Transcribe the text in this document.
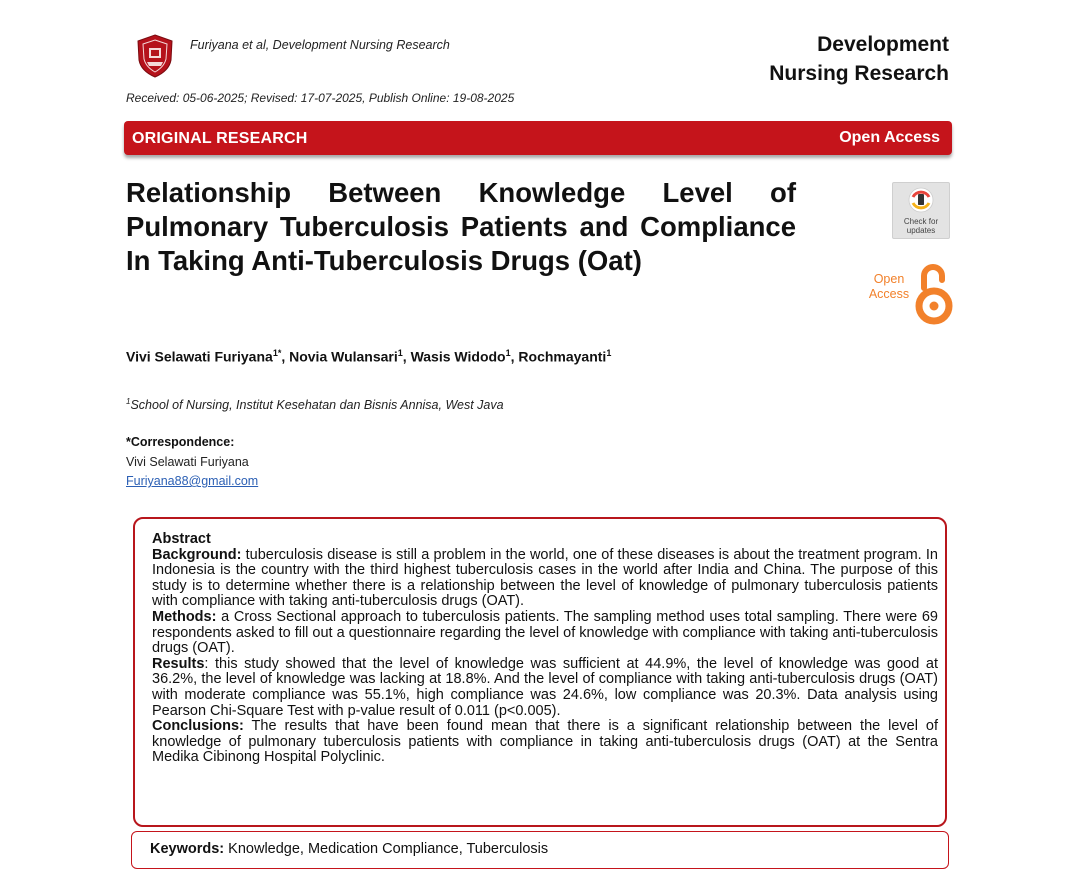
Furiyana et al, Development Nursing Research	Development
Nursing Research
Received: 05-06-2025; Revised: 17-07-2025, Publish Online: 19-08-2025
ORIGINAL RESEARCH	Open Access
Relationship Between Knowledge Level of Pulmonary Tuberculosis Patients and Compliance In Taking Anti-Tuberculosis Drugs (Oat)
Check for
updates
Open
Access
Vivi Selawati Furiyana$^{1*}$, Novia Wulansari$^1$, Wasis Widodo$^1$, Rochmayanti$^1$
$^1$School of Nursing, Institut Kesehatan dan Bisnis Annisa, West Java
*Correspondence:
Vivi Selawati Furiyana
Furiyana88@gmail.com

Abstract

Background: tuberculosis disease is still a problem in the world, one of these diseases is about the treatment program. In Indonesia is the country with the third highest tuberculosis cases in the world after India and China. The purpose of this study is to determine whether there is a relationship between the level of knowledge of pulmonary tuberculosis patients with compliance with taking anti-tuberculosis drugs (OAT).

Methods: a Cross Sectional approach to tuberculosis patients. The sampling method uses total sampling. There were 69 respondents asked to fill out a questionnaire regarding the level of knowledge with compliance with taking anti-tuberculosis drugs (OAT).

Results: this study showed that the level of knowledge was sufficient at 44.9%, the level of knowledge was good at 36.2%, the level of knowledge was lacking at 18.8%. And the level of compliance with taking anti-tuberculosis drugs (OAT) with moderate compliance was 55.1%, high compliance was 24.6%, low compliance was 20.3%. Data analysis using Pearson Chi-Square Test with p-value result of 0.011 (p<0.005).

Conclusions: The results that have been found mean that there is a significant relationship between the level of knowledge of pulmonary tuberculosis patients with compliance in taking anti-tuberculosis drugs (OAT) at the Sentra Medika Cibinong Hospital Polyclinic.

Keywords: Knowledge, Medication Compliance, Tuberculosis
